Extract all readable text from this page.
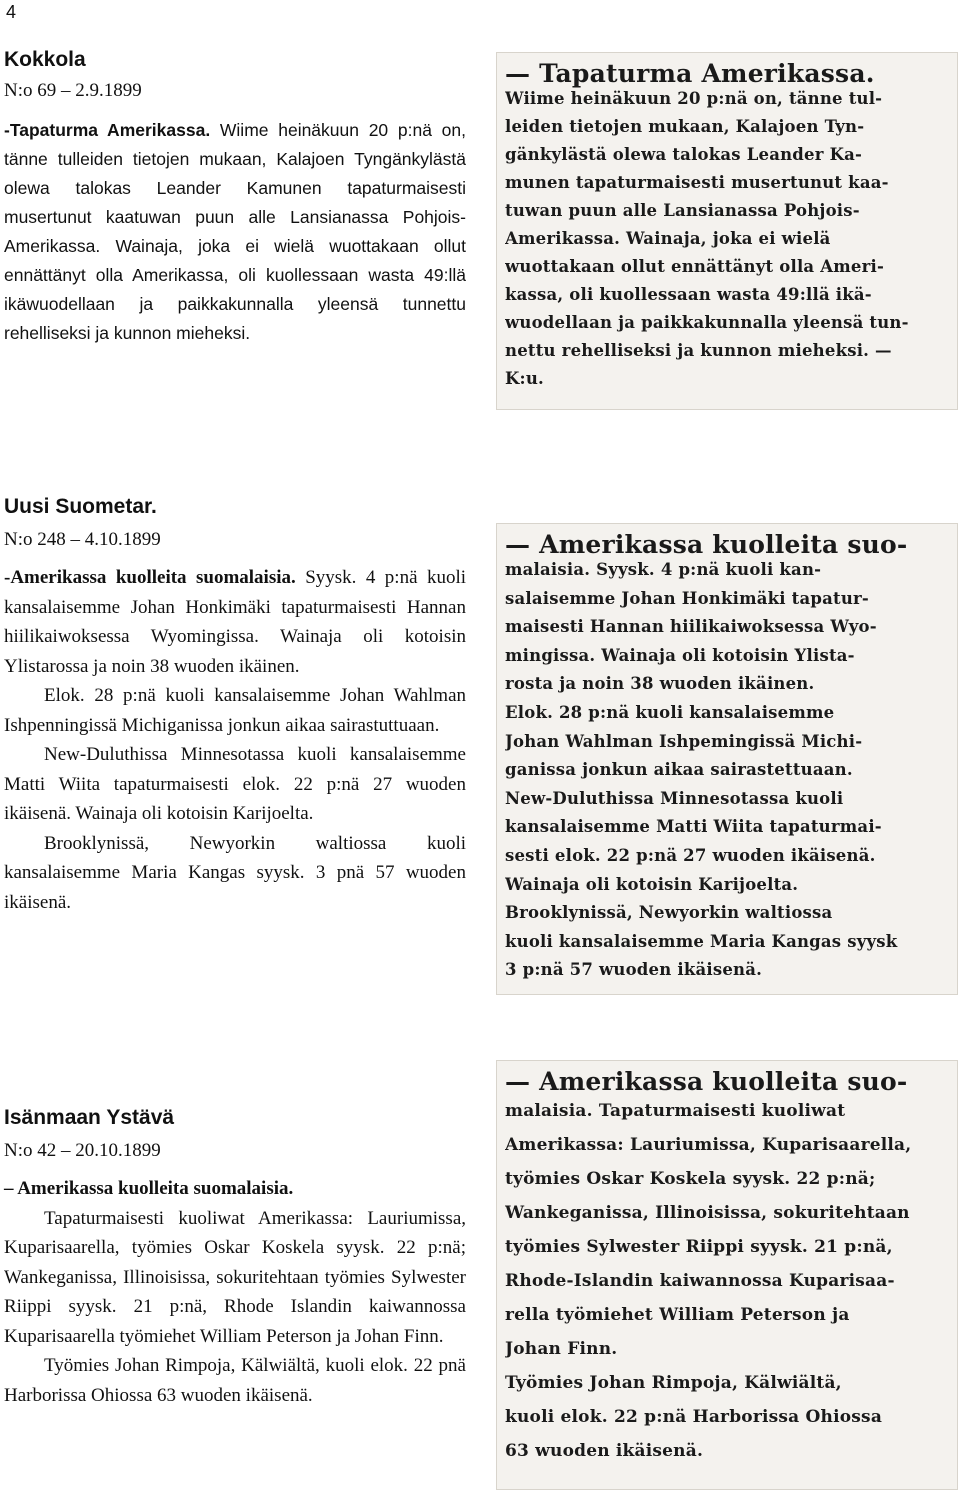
4

Kokkola

N:o 69 – 2.9.1899

-Tapaturma Amerikassa. Wiime heinäkuun 20 p:nä on, tänne tulleiden tietojen mukaan, Kalajoen Tyngänkylästä olewa talokas Leander Kamunen tapaturmaisesti musertunut kaatuwan puun alle Lansianassa Pohjois-Amerikassa. Wainaja, joka ei wielä wuottakaan ollut ennättänyt olla Amerikassa, oli kuollessaan wasta 49:llä ikäwuodellaan ja paikkakunnalla yleensä tunnettu rehelliseksi ja kunnon mieheksi.

— Tapaturma Amerikassa.
Wiime heinäkuun 20 p:nä on, tänne tul-
leiden tietojen mukaan, Kalajoen Tyn-
gänkylästä olewa talokas Leander Ka-
munen tapaturmaisesti musertunut kaa-
tuwan puun alle Lansianassa Pohjois-
Amerikassa. Wainaja, joka ei wielä
wuottakaan ollut ennättänyt olla Ameri-
kassa, oli kuollessaan wasta 49:llä ikä-
wuodellaan ja paikkakunnalla yleensä tun-
nettu rehelliseksi ja kunnon mieheksi. —
K:u.

Uusi Suometar.

N:o 248 – 4.10.1899

-Amerikassa kuolleita suomalaisia. Syysk. 4 p:nä kuoli kansalaisemme Johan Honkimäki tapaturmaisesti Hannan hiilikaiwoksessa Wyomingissa. Wainaja oli kotoisin Ylistarossa ja noin 38 wuoden ikäinen.

Elok. 28 p:nä kuoli kansalaisemme Johan Wahlman Ishpenningissä Michiganissa jonkun aikaa sairastuttuaan.

New-Duluthissa Minnesotassa kuoli kansalaisemme Matti Wiita tapaturmaisesti elok. 22 p:nä 27 wuoden ikäisenä. Wainaja oli kotoisin Karijoelta.

Brooklynissä, Newyorkin waltiossa kuoli kansalaisemme Maria Kangas syysk. 3 pnä 57 wuoden ikäisenä.

— Amerikassa kuolleita suo-
malaisia. Syysk. 4 p:nä kuoli kan-
salaisemme Johan Honkimäki tapatur-
maisesti Hannan hiilikaiwoksessa Wyo-
mingissa. Wainaja oli kotoisin Ylista-
rosta ja noin 38 wuoden ikäinen.
Elok. 28 p:nä kuoli kansalaisemme
Johan Wahlman Ishpemingissä Michi-
ganissa jonkun aikaa sairastettuaan.
New-Duluthissa Minnesotassa kuoli
kansalaisemme Matti Wiita tapaturmai-
sesti elok. 22 p:nä 27 wuoden ikäisenä.
Wainaja oli kotoisin Karijoelta.
Brooklynissä, Newyorkin waltiossa
kuoli kansalaisemme Maria Kangas syysk
3 p:nä 57 wuoden ikäisenä.

Isänmaan Ystävä

N:o 42 – 20.10.1899

– Amerikassa kuolleita suomalaisia.

Tapaturmaisesti kuoliwat Amerikassa: Lauriumissa, Kuparisaarella, työmies Oskar Koskela syysk. 22 p:nä; Wankeganissa, Illinoisissa, sokuritehtaan työmies Sylwester Riippi syysk. 21 p:nä, Rhode Islandin kaiwannossa Kuparisaarella työmiehet William Peterson ja Johan Finn.

Työmies Johan Rimpoja, Kälwiältä, kuoli elok. 22 pnä Harborissa Ohiossa 63 wuoden ikäisenä.

— Amerikassa kuolleita suo-
malaisia. Tapaturmaisesti kuoliwat
Amerikassa: Lauriumissa, Kuparisaarella,
työmies Oskar Koskela syysk. 22 p:nä;
Wankeganissa, Illinoisissa, sokuritehtaan
työmies Sylwester Riippi syysk. 21 p:nä,
Rhode-Islandin kaiwannossa Kuparisaa-
rella työmiehet William Peterson ja
Johan Finn.
Työmies Johan Rimpoja, Kälwiältä,
kuoli elok. 22 p:nä Harborissa Ohiossa
63 wuoden ikäisenä.
